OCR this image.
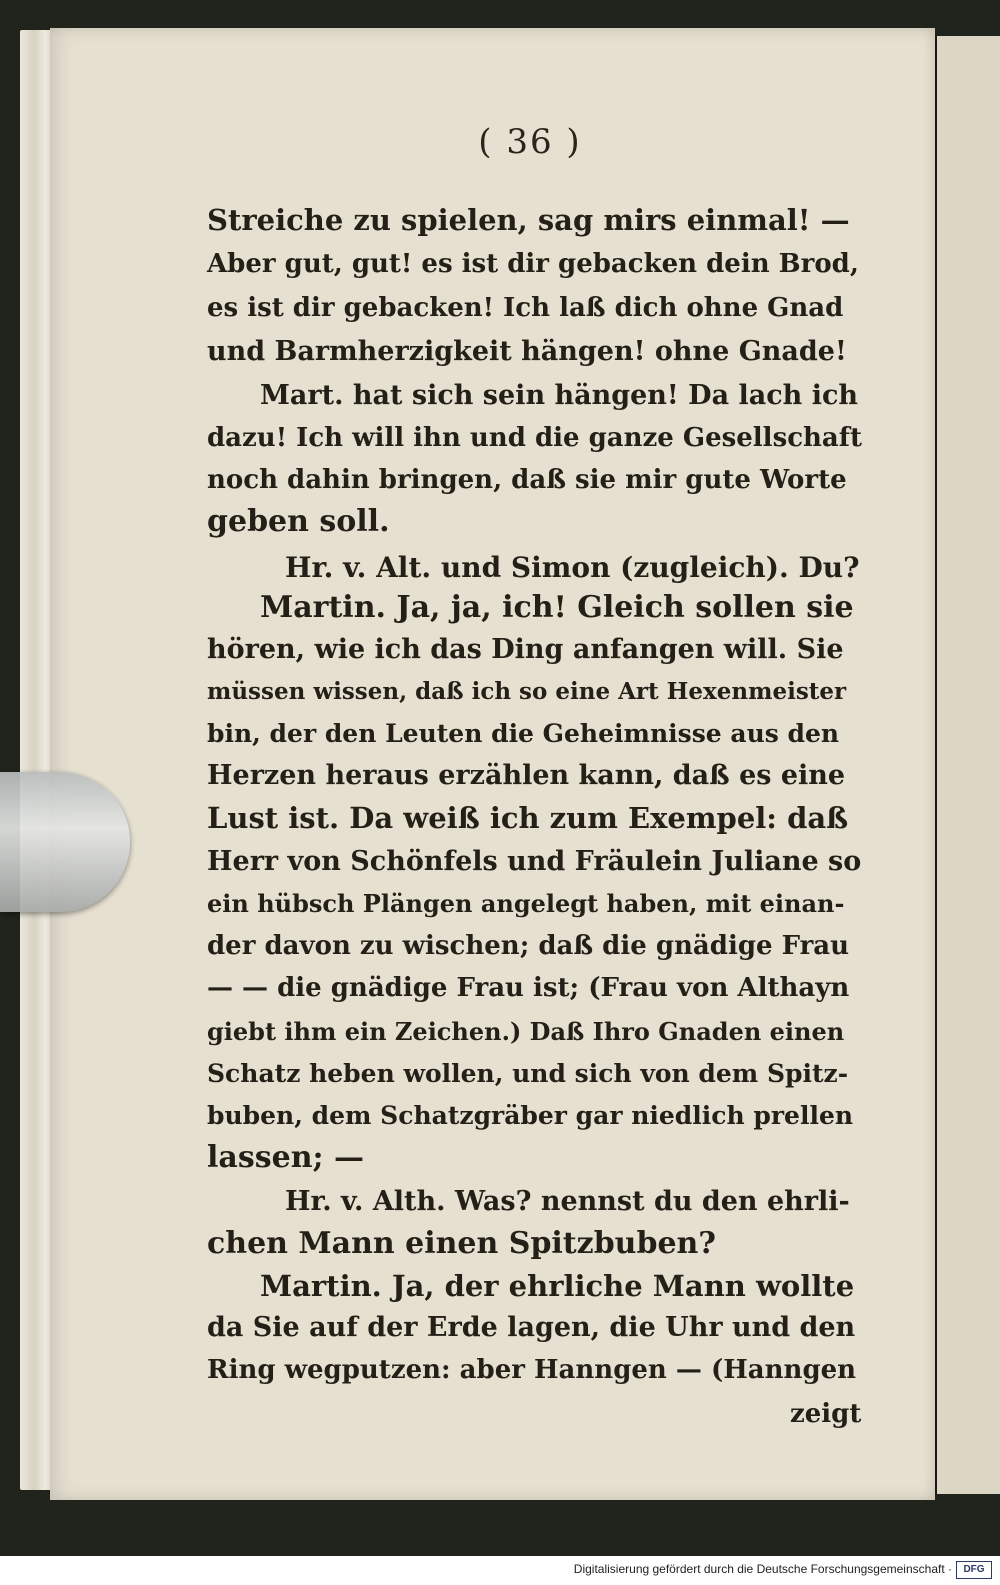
( 36 )

Streiche zu spielen, sag mirs einmal! —

Aber gut, gut! es ist dir gebacken dein Brod,

es ist dir gebacken! Ich laß dich ohne Gnad

und Barmherzigkeit hängen! ohne Gnade!

Mart. hat sich sein hängen! Da lach ich

dazu! Ich will ihn und die ganze Gesellschaft

noch dahin bringen, daß sie mir gute Worte

geben soll.

Hr. v. Alt. und Simon (zugleich). Du?

Martin. Ja, ja, ich! Gleich sollen sie

hören, wie ich das Ding anfangen will. Sie

müssen wissen, daß ich so eine Art Hexenmeister

bin, der den Leuten die Geheimnisse aus den

Herzen heraus erzählen kann, daß es eine

Lust ist. Da weiß ich zum Exempel: daß

Herr von Schönfels und Fräulein Juliane so

ein hübsch Plängen angelegt haben, mit einan-

der davon zu wischen; daß die gnädige Frau

— — die gnädige Frau ist; (Frau von Althayn

giebt ihm ein Zeichen.) Daß Ihro Gnaden einen

Schatz heben wollen, und sich von dem Spitz-

buben, dem Schatzgräber gar niedlich prellen

lassen; —

Hr. v. Alth. Was? nennst du den ehrli-

chen Mann einen Spitzbuben?

Martin. Ja, der ehrliche Mann wollte

da Sie auf der Erde lagen, die Uhr und den

Ring wegputzen: aber Hanngen — (Hanngen

zeigt

Digitalisierung gefördert durch die Deutsche Forschungsgemeinschaft ·	DFG
